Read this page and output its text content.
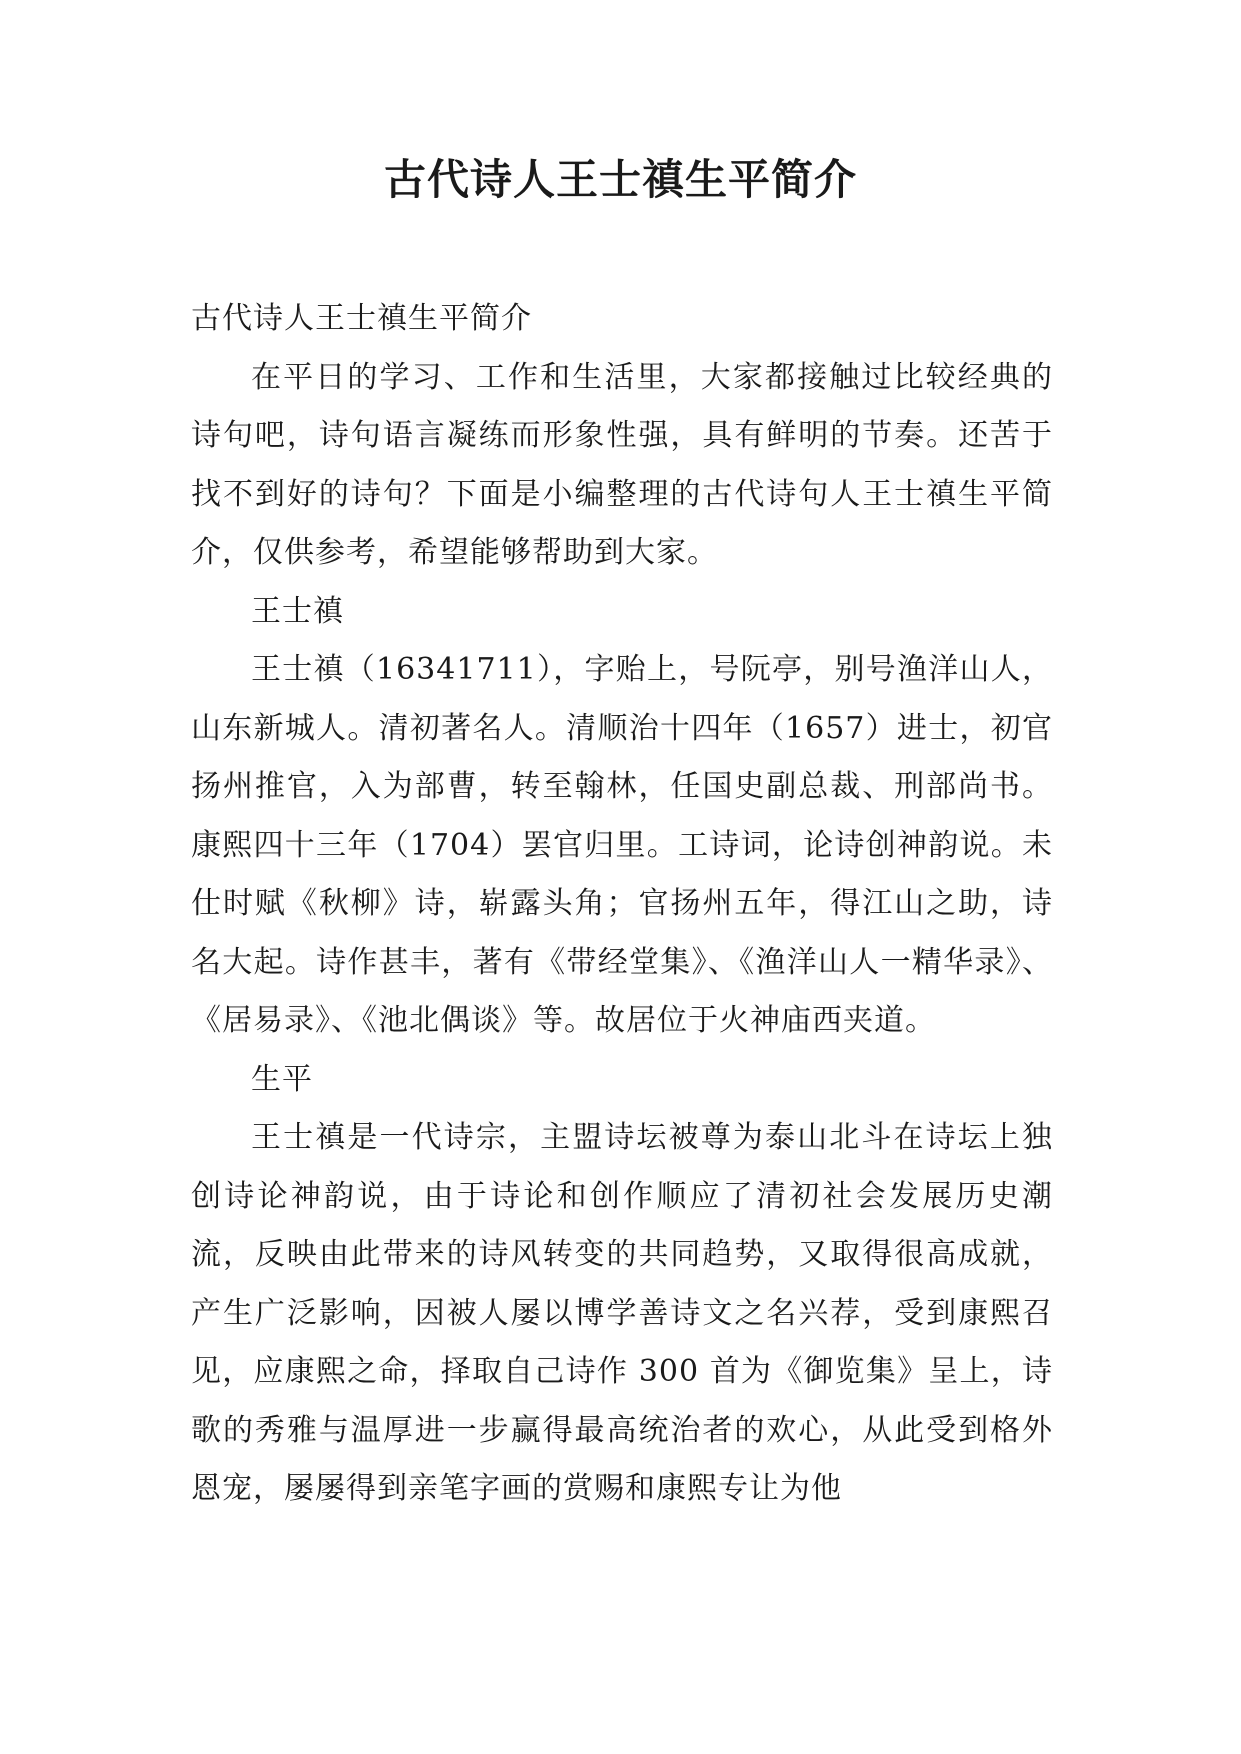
古代诗人王士禛生平简介

古代诗人王士禛生平简介

在平日的学习、工作和生活里，大家都接触过比较经典的诗句吧，诗句语言凝练而形象性强，具有鲜明的节奏。还苦于找不到好的诗句？下面是小编整理的古代诗句人王士禛生平简介，仅供参考，希望能够帮助到大家。

王士禛

王士禛（16341711），字贻上，号阮亭，别号渔洋山人，山东新城人。清初著名人。清顺治十四年（1657）进士，初官扬州推官，入为部曹，转至翰林，任国史副总裁、刑部尚书。康熙四十三年（1704）罢官归里。工诗词，论诗创神韵说。未仕时赋《秋柳》诗，崭露头角；官扬州五年，得江山之助，诗名大起。诗作甚丰，著有《带经堂集》、《渔洋山人一精华录》、《居易录》、《池北偶谈》等。故居位于火神庙西夹道。

生平

王士禛是一代诗宗，主盟诗坛被尊为泰山北斗在诗坛上独创诗论神韵说，由于诗论和创作顺应了清初社会发展历史潮流，反映由此带来的诗风转变的共同趋势，又取得很高成就，产生广泛影响，因被人屡以博学善诗文之名兴荐，受到康熙召见，应康熙之命，择取自己诗作 300 首为《御览集》呈上，诗歌的秀雅与温厚进一步赢得最高统治者的欢心，从此受到格外恩宠，屡屡得到亲笔字画的赏赐和康熙专让为他
